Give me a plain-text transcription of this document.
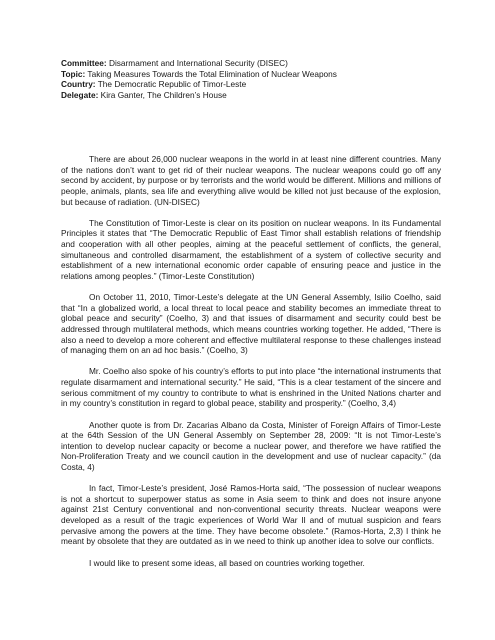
Committee: Disarmament and International Security (DISEC)
Topic: Taking Measures Towards the Total Elimination of Nuclear Weapons
Country: The Democratic Republic of Timor-Leste
Delegate: Kira Ganter, The Children’s House

There are about 26,000 nuclear weapons in the world in at least nine different countries. Many of the nations don’t want to get rid of their nuclear weapons. The nuclear weapons could go off any second by accident, by purpose or by terrorists and the world would be different. Millions and millions of people, animals, plants, sea life and everything alive would be killed not just because of the explosion, but because of radiation. (UN-DISEC)

The Constitution of Timor-Leste is clear on its position on nuclear weapons. In its Fundamental Principles it states that “The Democratic Republic of East Timor shall establish relations of friendship and cooperation with all other peoples, aiming at the peaceful settlement of conflicts, the general, simultaneous and controlled disarmament, the establishment of a system of collective security and establishment of a new international economic order capable of ensuring peace and justice in the relations among peoples.” (Timor-Leste Constitution)

On October 11, 2010, Timor-Leste’s delegate at the UN General Assembly, Isilio Coelho, said that “In a globalized world, a local threat to local peace and stability becomes an immediate threat to global peace and security” (Coelho, 3) and that issues of disarmament and security could best be addressed through multilateral methods, which means countries working together. He added, “There is also a need to develop a more coherent and effective multilateral response to these challenges instead of managing them on an ad hoc basis.” (Coelho, 3)

Mr. Coelho also spoke of his country’s efforts to put into place “the international instruments that regulate disarmament and international security.” He said, “This is a clear testament of the sincere and serious commitment of my country to contribute to what is enshrined in the United Nations charter and in my country’s constitution in regard to global peace, stability and prosperity.” (Coelho, 3,4)

Another quote is from Dr. Zacarias Albano da Costa, Minister of Foreign Affairs of Timor-Leste at the 64th Session of the UN General Assembly on September 28, 2009: “It is not Timor-Leste’s intention to develop nuclear capacity or become a nuclear power, and therefore we have ratified the Non-Proliferation Treaty and we council caution in the development and use of nuclear capacity.” (da Costa, 4)

In fact, Timor-Leste’s president, José Ramos-Horta said, “The possession of nuclear weapons is not a shortcut to superpower status as some in Asia seem to think and does not insure anyone against 21st Century conventional and non-conventional security threats. Nuclear weapons were developed as a result of the tragic experiences of World War II and of mutual suspicion and fears pervasive among the powers at the time. They have become obsolete.” (Ramos-Horta, 2,3) I think he meant by obsolete that they are outdated as in we need to think up another idea to solve our conflicts.

I would like to present some ideas, all based on countries working together.
